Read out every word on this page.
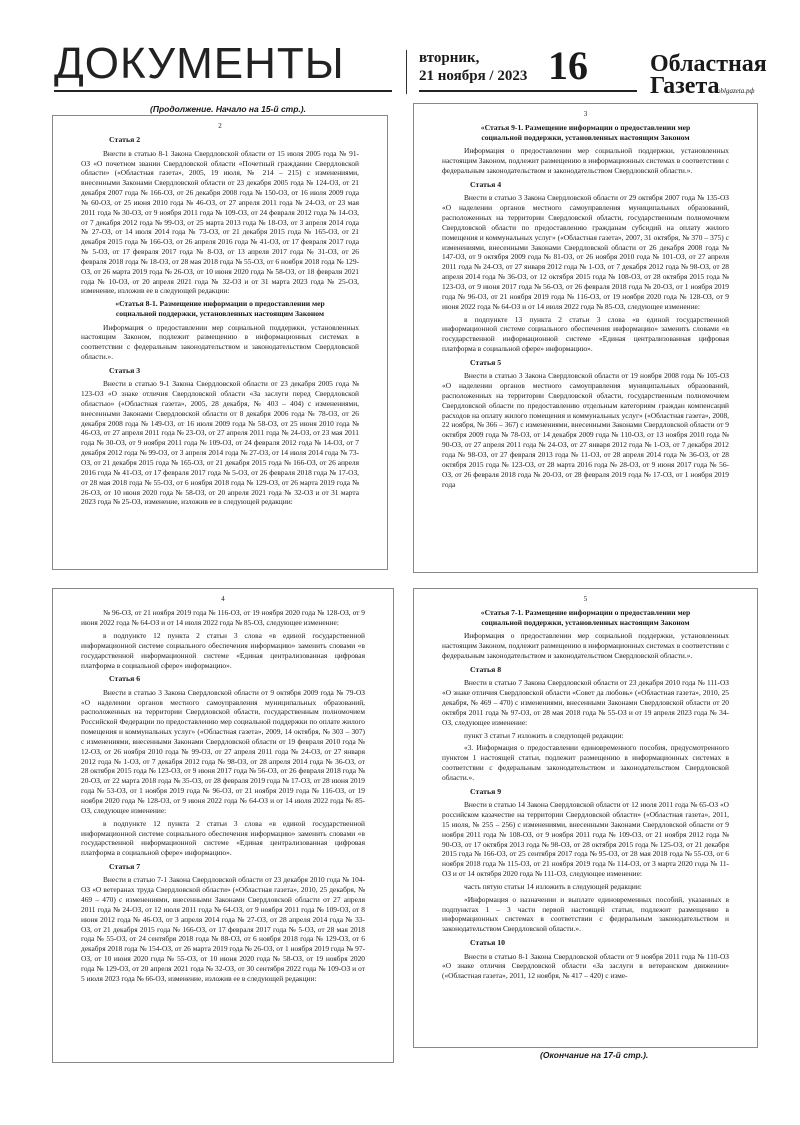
ДОКУМЕНТЫ	вторник,
21 ноября / 2023 16	Областная
Газета
oblgazeta.рф
(Продолжение. Начало на 15-й стр.).
2
Статья 2
Внести в статью 8-1 Закона Свердловской области от 15 июля 2005 года № 91-ОЗ «О почетном звании Свердловской области «Почетный гражданин Свердловской области» («Областная газета», 2005, 19 июля, № 214 – 215) с изменениями, внесенными Законами Свердловской области от 23 декабря 2005 года № 124-ОЗ, от 21 декабря 2007 года № 166-ОЗ, от 26 декабря 2008 года № 150-ОЗ, от 16 июля 2009 года № 60-ОЗ, от 25 июня 2010 года № 46-ОЗ, от 27 апреля 2011 года № 24-ОЗ, от 23 мая 2011 года № 30-ОЗ, от 9 ноября 2011 года № 109-ОЗ, от 24 февраля 2012 года № 14-ОЗ, от 7 декабря 2012 года № 99-ОЗ, от 25 марта 2013 года № 18-ОЗ, от 3 апреля 2014 года № 27-ОЗ, от 14 июля 2014 года № 73-ОЗ, от 21 декабря 2015 года № 165-ОЗ, от 21 декабря 2015 года № 166-ОЗ, от 26 апреля 2016 года № 41-ОЗ, от 17 февраля 2017 года № 5-ОЗ, от 17 февраля 2017 года № 8-ОЗ, от 13 апреля 2017 года № 31-ОЗ, от 26 февраля 2018 года № 18-ОЗ, от 28 мая 2018 года № 55-ОЗ, от 6 ноября 2018 года № 129-ОЗ, от 26 марта 2019 года № 26-ОЗ, от 10 июня 2020 года № 58-ОЗ, от 18 февраля 2021 года № 10-ОЗ, от 20 апреля 2021 года № 32-ОЗ и от 31 марта 2023 года № 25-ОЗ, изменение, изложив ее в следующей редакции:
«Статья 8-1. Размещение информации о предоставлении мер социальной поддержки, установленных настоящим Законом
Информация о предоставлении мер социальной поддержки, установленных настоящим Законом, подлежит размещению в информационных системах в соответствии с федеральным законодательством и законодательством Свердловской области.».
Статья 3
Внести в статью 9-1 Закона Свердловской области от 23 декабря 2005 года № 123-ОЗ «О знаке отличия Свердловской области «За заслуги перед Свердловской областью» («Областная газета», 2005, 28 декабря, № 403 – 404) с изменениями, внесенными Законами Свердловской области от 8 декабря 2006 года № 78-ОЗ, от 26 декабря 2008 года № 149-ОЗ, от 16 июля 2009 года № 58-ОЗ, от 25 июня 2010 года № 46-ОЗ, от 27 апреля 2011 года № 23-ОЗ, от 27 апреля 2011 года № 24-ОЗ, от 23 мая 2011 года № 30-ОЗ, от 9 ноября 2011 года № 109-ОЗ, от 24 февраля 2012 года № 14-ОЗ, от 7 декабря 2012 года № 99-ОЗ, от 3 апреля 2014 года № 27-ОЗ, от 14 июля 2014 года № 73-ОЗ, от 21 декабря 2015 года № 165-ОЗ, от 21 декабря 2015 года № 166-ОЗ, от 26 апреля 2016 года № 41-ОЗ, от 17 февраля 2017 года № 5-ОЗ, от 26 февраля 2018 года № 17-ОЗ, от 28 мая 2018 года № 55-ОЗ, от 6 ноября 2018 года № 129-ОЗ, от 26 марта 2019 года № 26-ОЗ, от 10 июня 2020 года № 58-ОЗ, от 20 апреля 2021 года № 32-ОЗ и от 31 марта 2023 года № 25-ОЗ, изменение, изложив ее в следующей редакции:
3
«Статья 9-1. Размещение информации о предоставлении мер социальной поддержки, установленных настоящим Законом
Информация о предоставлении мер социальной поддержки, установленных настоящим Законом, подлежит размещению в информационных системах в соответствии с федеральным законодательством и законодательством Свердловской области.».
Статья 4
Внести в статью 3 Закона Свердловской области от 29 октября 2007 года № 135-ОЗ «О наделении органов местного самоуправления муниципальных образований, расположенных на территории Свердловской области, государственным полномочием Свердловской области по предоставлению гражданам субсидий на оплату жилого помещения и коммунальных услуг» («Областная газета», 2007, 31 октября, № 370 – 375) с изменениями, внесенными Законами Свердловской области от 26 декабря 2008 года № 147-ОЗ, от 9 октября 2009 года № 81-ОЗ, от 26 ноября 2010 года № 101-ОЗ, от 27 апреля 2011 года № 24-ОЗ, от 27 января 2012 года № 1-ОЗ, от 7 декабря 2012 года № 98-ОЗ, от 28 апреля 2014 года № 36-ОЗ, от 12 октября 2015 года № 108-ОЗ, от 28 октября 2015 года № 123-ОЗ, от 9 июня 2017 года № 56-ОЗ, от 26 февраля 2018 года № 20-ОЗ, от 1 ноября 2019 года № 96-ОЗ, от 21 ноября 2019 года № 116-ОЗ, от 19 ноября 2020 года № 128-ОЗ, от 9 июня 2022 года № 64-ОЗ и от 14 июля 2022 года № 85-ОЗ, следующее изменение:
в подпункте 13 пункта 2 статьи 3 слова «в единой государственной информационной системе социального обеспечения информацию» заменить словами «в государственной информационной системе «Единая централизованная цифровая платформа в социальной сфере» информацию».
Статья 5
Внести в статью 3 Закона Свердловской области от 19 ноября 2008 года № 105-ОЗ «О наделении органов местного самоуправления муниципальных образований, расположенных на территории Свердловской области, государственным полномочием Свердловской области по предоставлению отдельным категориям граждан компенсаций расходов на оплату жилого помещения и коммунальных услуг» («Областная газета», 2008, 22 ноября, № 366 – 367) с изменениями, внесенными Законами Свердловской области от 9 октября 2009 года № 78-ОЗ, от 14 декабря 2009 года № 110-ОЗ, от 13 ноября 2010 года № 90-ОЗ, от 27 апреля 2011 года № 24-ОЗ, от 27 января 2012 года № 1-ОЗ, от 7 декабря 2012 года № 98-ОЗ, от 27 февраля 2013 года № 11-ОЗ, от 28 апреля 2014 года № 36-ОЗ, от 28 октября 2015 года № 123-ОЗ, от 28 марта 2016 года № 28-ОЗ, от 9 июня 2017 года № 56-ОЗ, от 26 февраля 2018 года № 20-ОЗ, от 28 февраля 2019 года № 17-ОЗ, от 1 ноября 2019 года
4
№ 96-ОЗ, от 21 ноября 2019 года № 116-ОЗ, от 19 ноября 2020 года № 128-ОЗ, от 9 июня 2022 года № 64-ОЗ и от 14 июля 2022 года № 85-ОЗ, следующее изменение:
в подпункте 12 пункта 2 статьи 3 слова «в единой государственной информационной системе социального обеспечения информацию» заменить словами «в государственной информационной системе «Единая централизованная цифровая платформа в социальной сфере» информацию».
Статья 6
Внести в статью 3 Закона Свердловской области от 9 октября 2009 года № 79-ОЗ «О наделении органов местного самоуправления муниципальных образований, расположенных на территории Свердловской области, государственным полномочием Российской Федерации по предоставлению мер социальной поддержки по оплате жилого помещения и коммунальных услуг» («Областная газета», 2009, 14 октября, № 303 – 307) с изменениями, внесенными Законами Свердловской области от 19 февраля 2010 года № 12-ОЗ, от 26 ноября 2010 года № 99-ОЗ, от 27 апреля 2011 года № 24-ОЗ, от 27 января 2012 года № 1-ОЗ, от 7 декабря 2012 года № 98-ОЗ, от 28 апреля 2014 года № 36-ОЗ, от 28 октября 2015 года № 123-ОЗ, от 9 июня 2017 года № 56-ОЗ, от 26 февраля 2018 года № 20-ОЗ, от 22 марта 2018 года № 35-ОЗ, от 28 февраля 2019 года № 17-ОЗ, от 28 июня 2019 года № 53-ОЗ, от 1 ноября 2019 года № 96-ОЗ, от 21 ноября 2019 года № 116-ОЗ, от 19 ноября 2020 года № 128-ОЗ, от 9 июня 2022 года № 64-ОЗ и от 14 июля 2022 года № 85-ОЗ, следующее изменение:
в подпункте 12 пункта 2 статьи 3 слова «в единой государственной информационной системе социального обеспечения информацию» заменить словами «в государственной информационной системе «Единая централизованная цифровая платформа в социальной сфере» информацию».
Статья 7
Внести в статью 7-1 Закона Свердловской области от 23 декабря 2010 года № 104-ОЗ «О ветеранах труда Свердловской области» («Областная газета», 2010, 25 декабря, № 469 – 470) с изменениями, внесенными Законами Свердловской области от 27 апреля 2011 года № 24-ОЗ, от 12 июля 2011 года № 64-ОЗ, от 9 ноября 2011 года № 109-ОЗ, от 8 июня 2012 года № 46-ОЗ, от 3 апреля 2014 года № 27-ОЗ, от 28 апреля 2014 года № 33-ОЗ, от 21 декабря 2015 года № 166-ОЗ, от 17 февраля 2017 года № 5-ОЗ, от 28 мая 2018 года № 55-ОЗ, от 24 сентября 2018 года № 88-ОЗ, от 6 ноября 2018 года № 129-ОЗ, от 6 декабря 2018 года № 154-ОЗ, от 26 марта 2019 года № 26-ОЗ, от 1 ноября 2019 года № 97-ОЗ, от 10 июня 2020 года № 55-ОЗ, от 10 июня 2020 года № 58-ОЗ, от 19 ноября 2020 года № 129-ОЗ, от 20 апреля 2021 года № 32-ОЗ, от 30 сентября 2022 года № 109-ОЗ и от 5 июля 2023 года № 66-ОЗ, изменение, изложив ее в следующей редакции:
5
«Статья 7-1. Размещение информации о предоставлении мер социальной поддержки, установленных настоящим Законом
Информация о предоставлении мер социальной поддержки, установленных настоящим Законом, подлежит размещению в информационных системах в соответствии с федеральным законодательством и законодательством Свердловской области.».
Статья 8
Внести в статью 7 Закона Свердловской области от 23 декабря 2010 года № 111-ОЗ «О знаке отличия Свердловской области «Совет да любовь» («Областная газета», 2010, 25 декабря, № 469 – 470) с изменениями, внесенными Законами Свердловской области от 20 октября 2011 года № 97-ОЗ, от 28 мая 2018 года № 55-ОЗ и от 19 апреля 2023 года № 34-ОЗ, следующее изменение:
пункт 3 статьи 7 изложить в следующей редакции:
«3. Информация о предоставлении единовременного пособия, предусмотренного пунктом 1 настоящей статьи, подлежит размещению в информационных системах в соответствии с федеральным законодательством и законодательством Свердловской области.».
Статья 9
Внести в статью 14 Закона Свердловской области от 12 июля 2011 года № 65-ОЗ «О российском казачестве на территории Свердловской области» («Областная газета», 2011, 15 июля, № 255 – 256) с изменениями, внесенными Законами Свердловской области от 9 ноября 2011 года № 108-ОЗ, от 9 ноября 2011 года № 109-ОЗ, от 21 ноября 2012 года № 90-ОЗ, от 17 октября 2013 года № 98-ОЗ, от 28 октября 2015 года № 125-ОЗ, от 21 декабря 2015 года № 166-ОЗ, от 25 сентября 2017 года № 95-ОЗ, от 28 мая 2018 года № 55-ОЗ, от 6 ноября 2018 года № 115-ОЗ, от 21 ноября 2019 года № 114-ОЗ, от 3 марта 2020 года № 11-ОЗ и от 14 октября 2020 года № 111-ОЗ, следующее изменение:
часть пятую статьи 14 изложить в следующей редакции:
«Информация о назначении и выплате единовременных пособий, указанных в подпунктах 1 – 3 части первой настоящей статьи, подлежит размещению в информационных системах в соответствии с федеральным законодательством и законодательством Свердловской области.».
Статья 10
Внести в статью 8-1 Закона Свердловской области от 9 ноября 2011 года № 110-ОЗ «О знаке отличия Свердловской области «За заслуги в ветеранском движении» («Областная газета», 2011, 12 ноября, № 417 – 420) с изме-
(Окончание на 17-й стр.).
